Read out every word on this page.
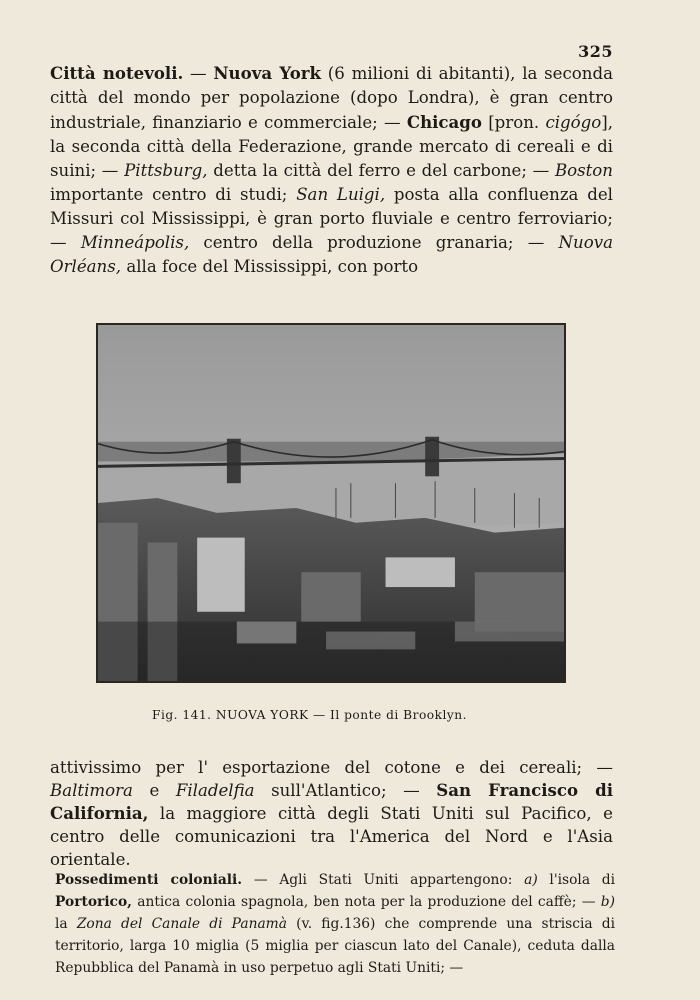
325
Città notevoli. — Nuova York (6 milioni di abitanti), la seconda città del mondo per popolazione (dopo Londra), è gran centro industriale, finanziario e commerciale; — Chicago [pron. cigógo], la seconda città della Federazione, grande mercato di cereali e di suini; — Pittsburg, detta la città del ferro e del carbone; — Boston importante centro di studi; San Luigi, posta alla confluenza del Missuri col Mississippi, è gran porto fluviale e centro ferroviario; — Minneápolis, centro della produzione granaria; — Nuova Orléans, alla foce del Mississippi, con porto
Fig. 141. NUOVA YORK — Il ponte di Brooklyn.
attivissimo per l' esportazione del cotone e dei cereali; — Baltimora e Filadelfia sull'Atlantico; — San Francisco di California, la maggiore città degli Stati Uniti sul Pacifico, e centro delle comunicazioni tra l'America del Nord e l'Asia orientale.
Possedimenti coloniali. — Agli Stati Uniti appartengono: a) l'isola di Portorico, antica colonia spagnola, ben nota per la produzione del caffè; — b) la Zona del Canale di Panamà (v. fig.136) che comprende una striscia di territorio, larga 10 miglia (5 miglia per ciascun lato del Canale), ceduta dalla Repubblica del Panamà in uso perpetuo agli Stati Uniti; —
